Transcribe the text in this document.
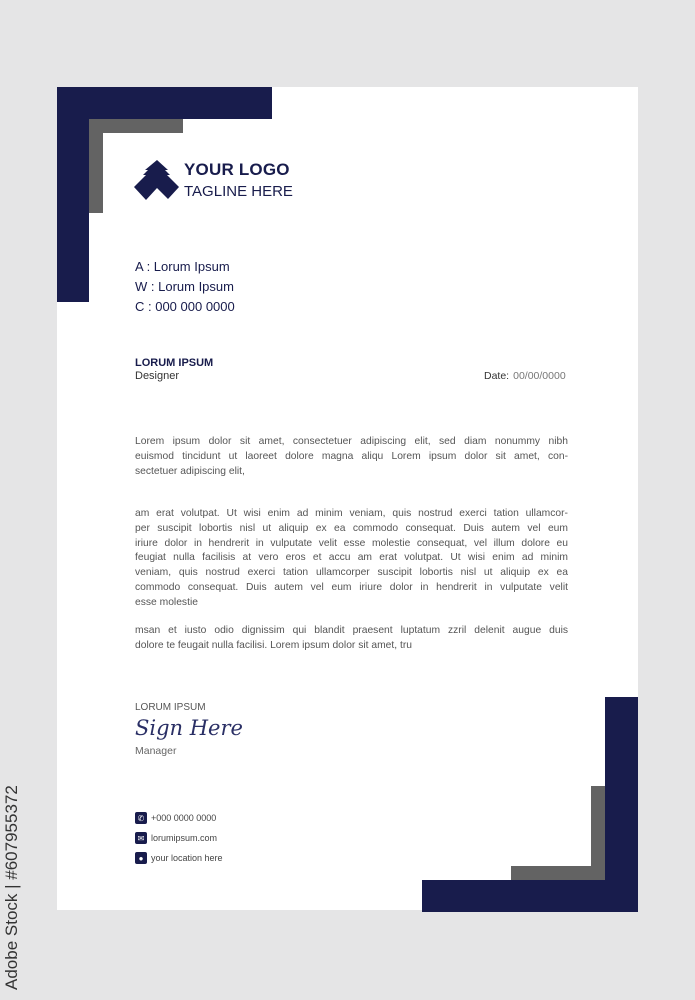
YOUR LOGO
TAGLINE HERE
A : Lorum Ipsum
W : Lorum Ipsum
C : 000 000 0000
LORUM IPSUM
Designer	Date: 00/00/0000
Lorem ipsum dolor sit amet, consectetuer adipiscing elit, sed diam nonummy nibh
euismod tincidunt ut laoreet dolore magna aliqu Lorem ipsum dolor sit amet, con-
sectetuer adipiscing elit,
am erat volutpat. Ut wisi enim ad minim veniam, quis nostrud exerci tation ullamcor-
per suscipit lobortis nisl ut aliquip ex ea commodo consequat. Duis autem vel eum
iriure dolor in hendrerit in vulputate velit esse molestie consequat, vel illum dolore eu
feugiat nulla facilisis at vero eros et accu am erat volutpat. Ut wisi enim ad minim
veniam, quis nostrud exerci tation ullamcorper suscipit lobortis nisl ut aliquip ex ea
commodo consequat. Duis autem vel eum iriure dolor in hendrerit in vulputate velit
esse molestie
msan et iusto odio dignissim qui blandit praesent luptatum zzril delenit augue duis
dolore te feugait nulla facilisi. Lorem ipsum dolor sit amet, tru
LORUM IPSUM
Sign Here
Manager
✆ +000 0000 0000
✉ lorumipsum.com
● your location here
Adobe Stock | #607955372
